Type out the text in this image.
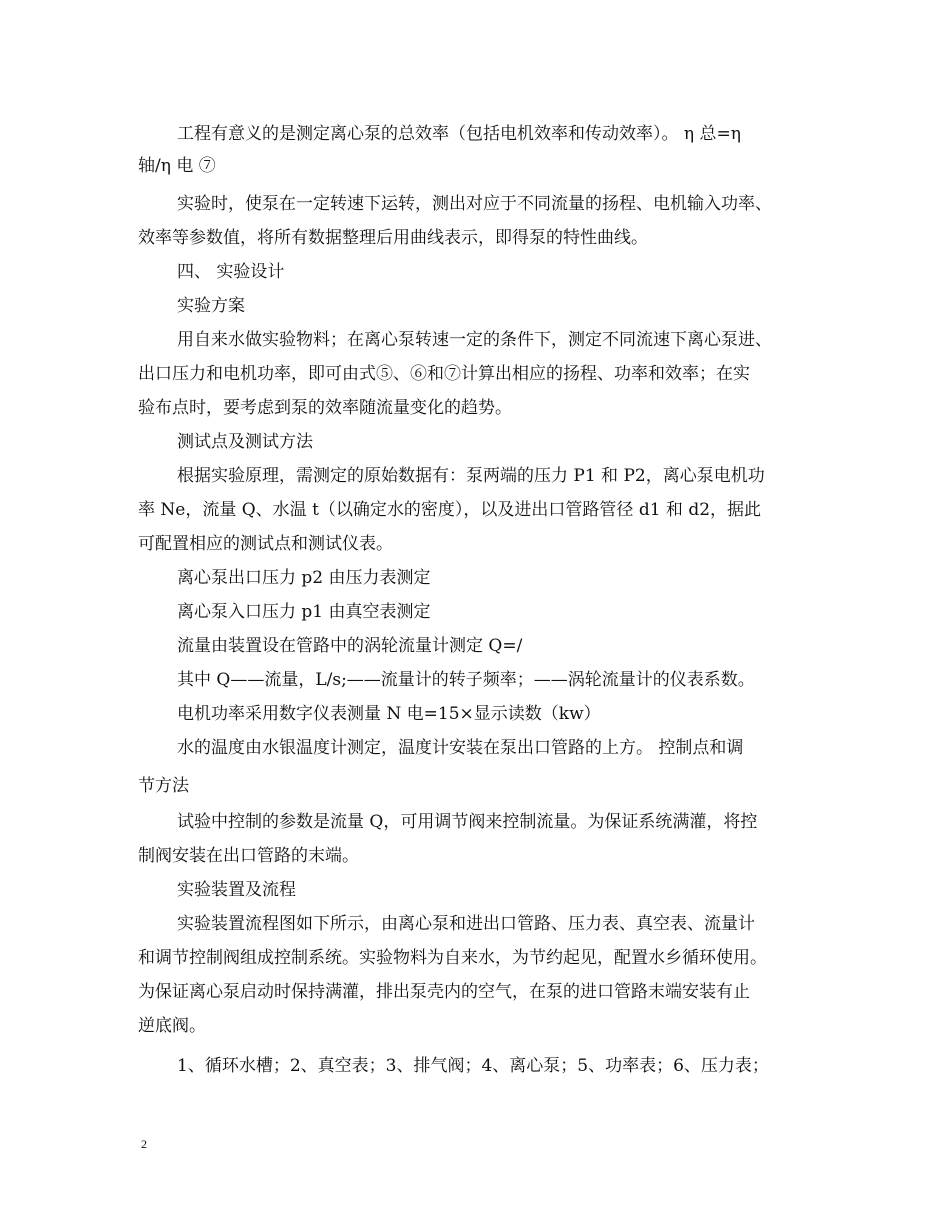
工程有意义的是测定离心泵的总效率（包括电机效率和传动效率）。 η 总=η
轴/η 电 ⑦
实验时，使泵在一定转速下运转，测出对应于不同流量的扬程、电机输入功率、
效率等参数值，将所有数据整理后用曲线表示，即得泵的特性曲线。
四、 实验设计
实验方案
用自来水做实验物料；在离心泵转速一定的条件下，测定不同流速下离心泵进、
出口压力和电机功率，即可由式⑤、⑥和⑦计算出相应的扬程、功率和效率；在实
验布点时，要考虑到泵的效率随流量变化的趋势。
测试点及测试方法
根据实验原理，需测定的原始数据有：泵两端的压力 P1 和 P2，离心泵电机功
率 Ne，流量 Q、水温 t（以确定水的密度），以及进出口管路管径 d1 和 d2，据此
可配置相应的测试点和测试仪表。
离心泵出口压力 p2 由压力表测定
离心泵入口压力 p1 由真空表测定
流量由装置设在管路中的涡轮流量计测定 Q=/
其中 Q——流量，L/s;——流量计的转子频率；——涡轮流量计的仪表系数。
电机功率采用数字仪表测量 N 电=15×显示读数（kw）
水的温度由水银温度计测定，温度计安装在泵出口管路的上方。 控制点和调
节方法
试验中控制的参数是流量 Q，可用调节阀来控制流量。为保证系统满灌，将控
制阀安装在出口管路的末端。
实验装置及流程
实验装置流程图如下所示，由离心泵和进出口管路、压力表、真空表、流量计
和调节控制阀组成控制系统。实验物料为自来水，为节约起见，配置水乡循环使用。
为保证离心泵启动时保持满灌，排出泵壳内的空气，在泵的进口管路末端安装有止
逆底阀。
1、循环水槽；2、真空表；3、排气阀；4、离心泵；5、功率表；6、压力表；
2
